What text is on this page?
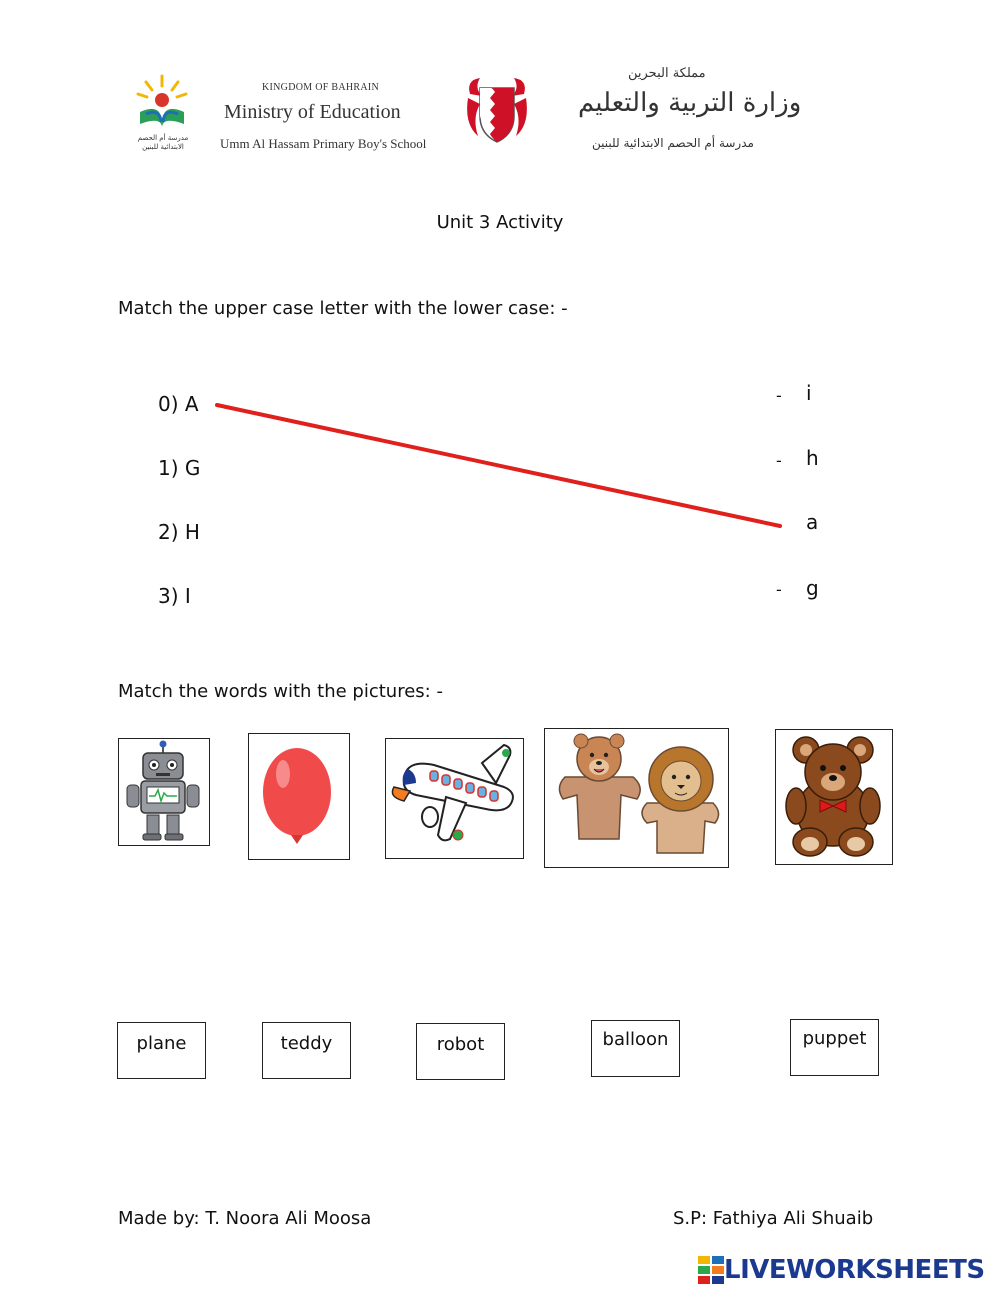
مدرسة أم الحصم الابتدائية للبنين
KINGDOM OF BAHRAIN
Ministry of Education
Umm Al Hassam Primary Boy's School
مملكة البحرين
وزارة التربية والتعليم
مدرسة أم الحصم الابتدائية للبنين
Unit 3 Activity
Match the upper case letter with the lower case: -
0) A
1) G
2) H
3) I
-
-
-
i
h
a
g
Match the words with the pictures: -
plane	teddy	robot	balloon	puppet
Made by: T. Noora Ali Moosa	S.P: Fathiya Ali Shuaib
LIVEWORKSHEETS
